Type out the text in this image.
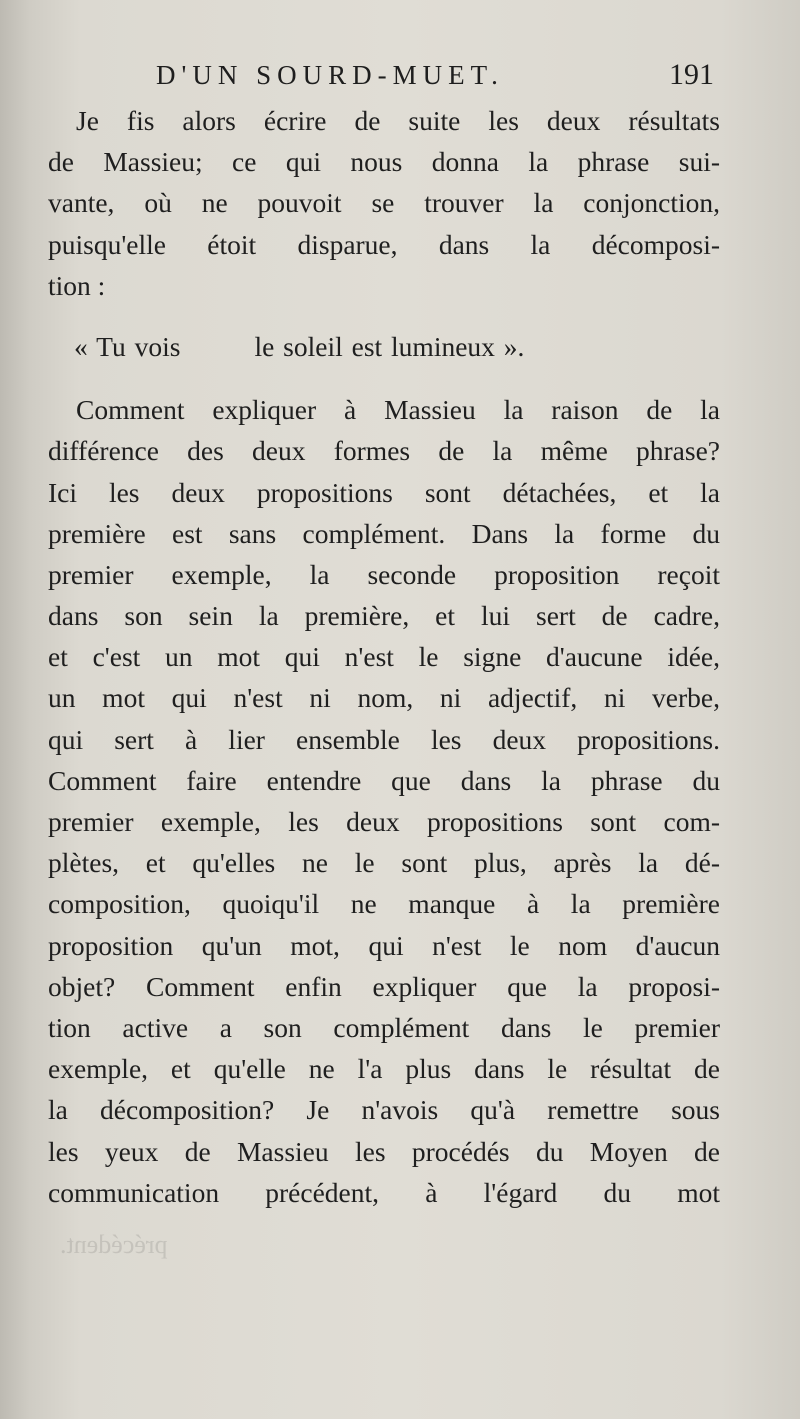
D'UN SOURD-MUET.	191
Je fis alors écrire de suite les deux résultats
de Massieu; ce qui nous donna la phrase sui-
vante, où ne pouvoit se trouver la conjonction,
puisqu'elle étoit disparue, dans la décomposi-
tion :
« Tu vois	le soleil est lumineux ».
Comment expliquer à Massieu la raison de la
différence des deux formes de la même phrase?
Ici les deux propositions sont détachées, et la
première est sans complément. Dans la forme du
premier exemple, la seconde proposition reçoit
dans son sein la première, et lui sert de cadre,
et c'est un mot qui n'est le signe d'aucune idée,
un mot qui n'est ni nom, ni adjectif, ni verbe,
qui sert à lier ensemble les deux propositions.
Comment faire entendre que dans la phrase du
premier exemple, les deux propositions sont com-
plètes, et qu'elles ne le sont plus, après la dé-
composition, quoiqu'il ne manque à la première
proposition qu'un mot, qui n'est le nom d'aucun
objet? Comment enfin expliquer que la proposi-
tion active a son complément dans le premier
exemple, et qu'elle ne l'a plus dans le résultat de
la décomposition? Je n'avois qu'à remettre sous
les yeux de Massieu les procédés du Moyen de
communication précédent, à l'égard du mot
précédent.
